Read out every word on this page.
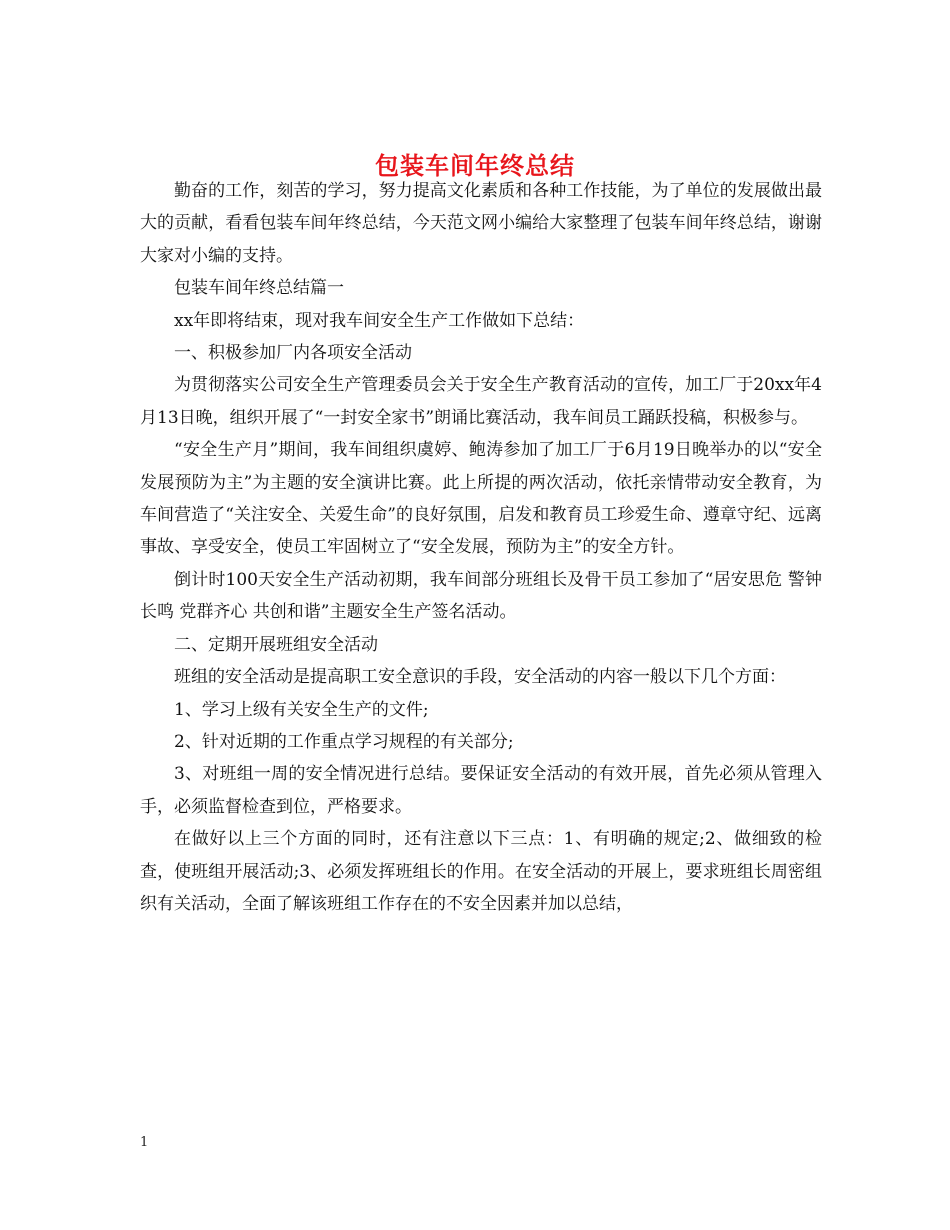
包装车间年终总结

勤奋的工作，刻苦的学习，努力提高文化素质和各种工作技能，为了单位的发展做出最大的贡献，看看包装车间年终总结，今天范文网小编给大家整理了包装车间年终总结，谢谢大家对小编的支持。

包装车间年终总结篇一

xx年即将结束，现对我车间安全生产工作做如下总结：

一、积极参加厂内各项安全活动

为贯彻落实公司安全生产管理委员会关于安全生产教育活动的宣传，加工厂于20xx年4月13日晚，组织开展了“一封安全家书”朗诵比赛活动，我车间员工踊跃投稿，积极参与。

“安全生产月”期间，我车间组织虞婷、鲍涛参加了加工厂于6月19日晚举办的以“安全发展预防为主”为主题的安全演讲比赛。此上所提的两次活动，依托亲情带动安全教育，为车间营造了“关注安全、关爱生命”的良好氛围，启发和教育员工珍爱生命、遵章守纪、远离事故、享受安全，使员工牢固树立了“安全发展，预防为主”的安全方针。

倒计时100天安全生产活动初期，我车间部分班组长及骨干员工参加了“居安思危 警钟长鸣 党群齐心 共创和谐”主题安全生产签名活动。

二、定期开展班组安全活动

班组的安全活动是提高职工安全意识的手段，安全活动的内容一般以下几个方面：

1、学习上级有关安全生产的文件;

2、针对近期的工作重点学习规程的有关部分;

3、对班组一周的安全情况进行总结。要保证安全活动的有效开展，首先必须从管理入手，必须监督检查到位，严格要求。

在做好以上三个方面的同时，还有注意以下三点：1、有明确的规定;2、做细致的检查，使班组开展活动;3、必须发挥班组长的作用。在安全活动的开展上，要求班组长周密组织有关活动，全面了解该班组工作存在的不安全因素并加以总结，

1
